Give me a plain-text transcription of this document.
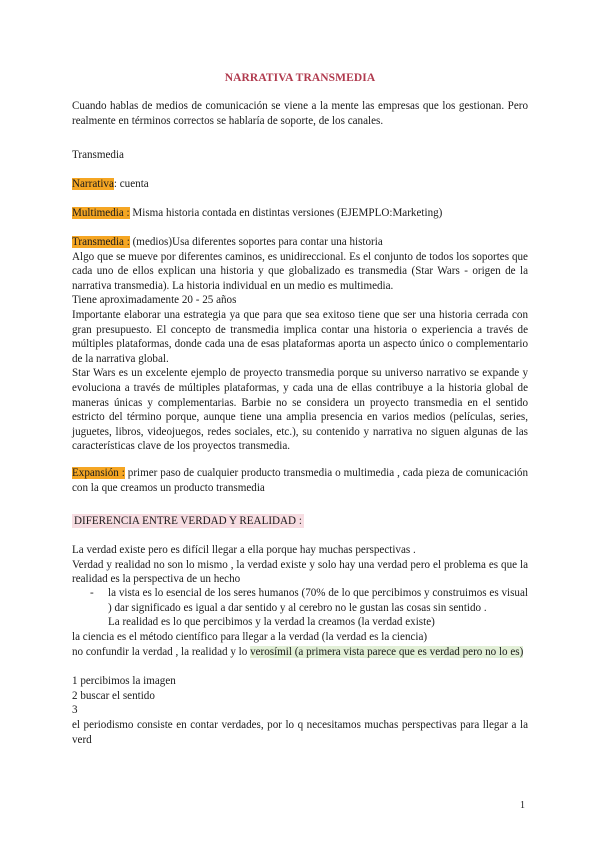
NARRATIVA TRANSMEDIA
Cuando hablas de medios de comunicación se viene a la mente las empresas que los gestionan. Pero realmente en términos correctos se hablaría de soporte, de los canales.
Transmedia
Narrativa: cuenta
Multimedia : Misma historia contada en distintas versiones (EJEMPLO:Marketing)
Transmedia : (medios)Usa diferentes soportes para contar una historia
Algo que se mueve por diferentes caminos, es unidireccional. Es el conjunto de todos los soportes que cada uno de ellos explican una historia y que globalizado es transmedia (Star Wars - origen de la narrativa transmedia). La historia individual en un medio es multimedia.
Tiene aproximadamente 20 - 25 años
Importante elaborar una estrategia ya que para que sea exitoso tiene que ser una historia cerrada con gran presupuesto. El concepto de transmedia implica contar una historia o experiencia a través de múltiples plataformas, donde cada una de esas plataformas aporta un aspecto único o complementario de la narrativa global.
Star Wars es un excelente ejemplo de proyecto transmedia porque su universo narrativo se expande y evoluciona a través de múltiples plataformas, y cada una de ellas contribuye a la historia global de maneras únicas y complementarias. Barbie no se considera un proyecto transmedia en el sentido estricto del término porque, aunque tiene una amplia presencia en varios medios (películas, series, juguetes, libros, videojuegos, redes sociales, etc.), su contenido y narrativa no siguen algunas de las características clave de los proyectos transmedia.
Expansión : primer paso de cualquier producto transmedia o multimedia , cada pieza de comunicación con la que creamos un producto transmedia
DIFERENCIA ENTRE VERDAD Y REALIDAD :
La verdad existe pero es difícil llegar a ella porque hay muchas perspectivas .
Verdad y realidad no son lo mismo , la verdad existe y solo hay una verdad pero el problema es que la realidad es la perspectiva de un hecho
- la vista es lo esencial de los seres humanos (70% de lo que percibimos y construimos es visual ) dar significado es igual a dar sentido y al cerebro no le gustan las cosas sin sentido .
La realidad es lo que percibimos y la verdad la creamos (la verdad existe)
la ciencia es el método científico para llegar a la verdad (la verdad es la ciencia)
no confundir la verdad , la realidad y lo verosímil (a primera vista parece que es verdad pero no lo es)
1 percibimos la imagen
2 buscar el sentido
3
el periodismo consiste en contar verdades, por lo q necesitamos muchas perspectivas para llegar a la verd
1
